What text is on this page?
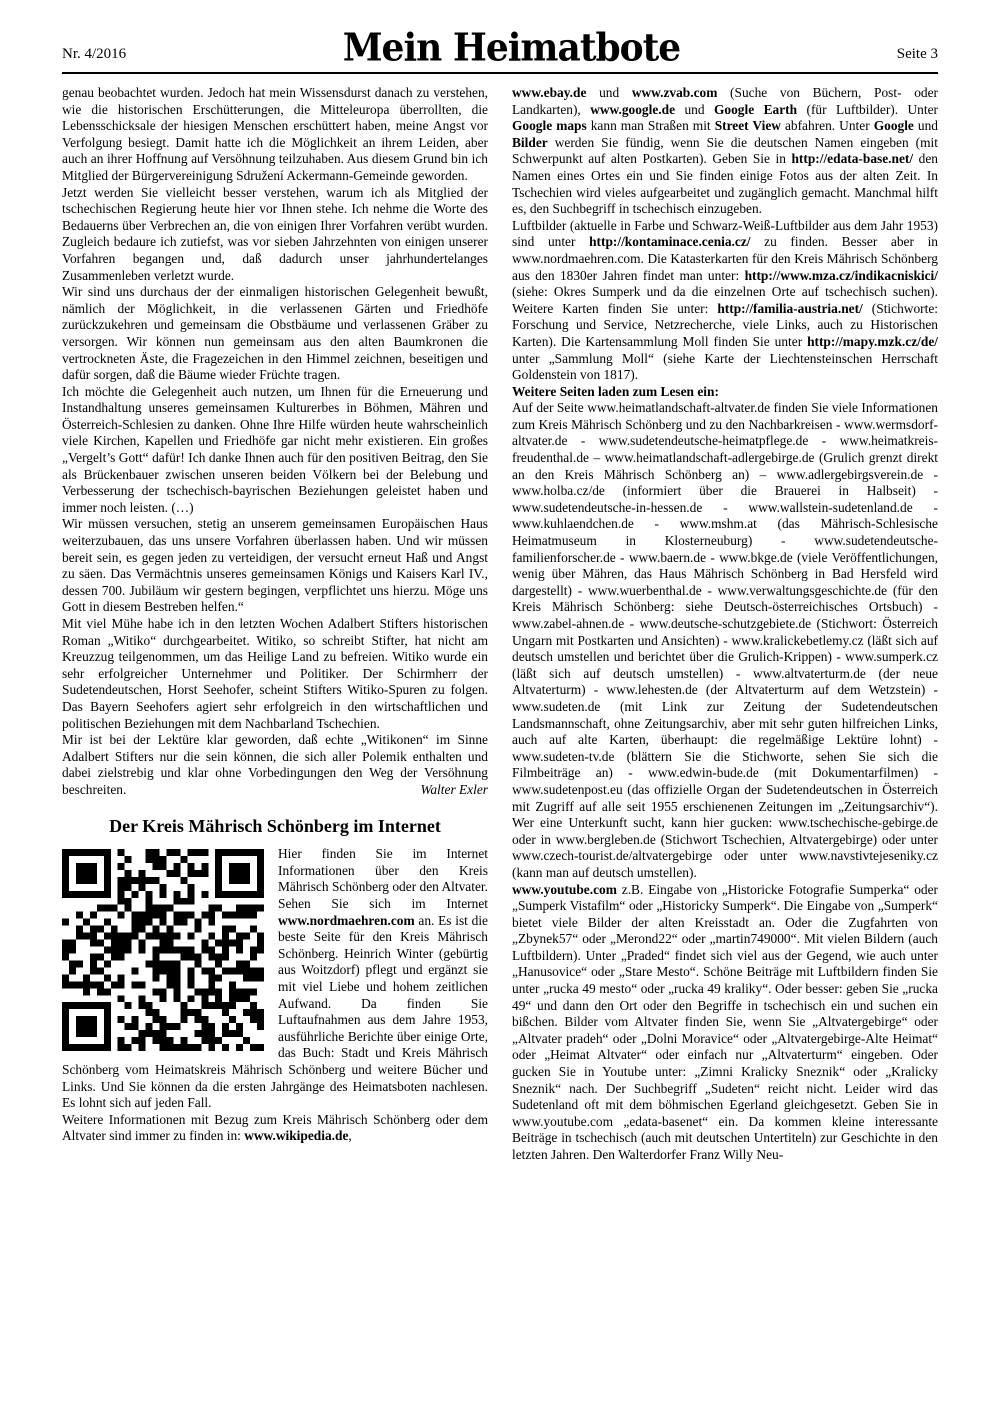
Nr. 4/2016	Mein Heimatbote	Seite 3

genau beobachtet wurden. Jedoch hat mein Wissensdurst danach zu verstehen, wie die historischen Erschütterungen, die Mitteleuropa überrollten, die Lebensschicksale der hiesigen Menschen erschüttert haben, meine Angst vor Verfolgung besiegt. Damit hatte ich die Möglichkeit an ihrem Leiden, aber auch an ihrer Hoffnung auf Versöhnung teilzuhaben. Aus diesem Grund bin ich Mitglied der Bürgervereinigung Sdružení Ackermann-Gemeinde geworden.

Jetzt werden Sie vielleicht besser verstehen, warum ich als Mitglied der tschechischen Regierung heute hier vor Ihnen stehe. Ich nehme die Worte des Bedauerns über Verbrechen an, die von einigen Ihrer Vorfahren verübt wurden. Zugleich bedaure ich zutiefst, was vor sieben Jahrzehnten von einigen unserer Vorfahren begangen und, daß dadurch unser jahrhundertelanges Zusammenleben verletzt wurde.

Wir sind uns durchaus der der einmaligen historischen Gelegenheit bewußt, nämlich der Möglichkeit, in die verlassenen Gärten und Friedhöfe zurückzukehren und gemeinsam die Obstbäume und verlassenen Gräber zu versorgen. Wir können nun gemeinsam aus den alten Baumkronen die vertrockneten Äste, die Fragezeichen in den Himmel zeichnen, beseitigen und dafür sorgen, daß die Bäume wieder Früchte tragen.

Ich möchte die Gelegenheit auch nutzen, um Ihnen für die Erneuerung und Instandhaltung unseres gemeinsamen Kulturerbes in Böhmen, Mähren und Österreich-Schlesien zu danken. Ohne Ihre Hilfe würden heute wahrscheinlich viele Kirchen, Kapellen und Friedhöfe gar nicht mehr existieren. Ein großes „Vergelt’s Gott“ dafür! Ich danke Ihnen auch für den positiven Beitrag, den Sie als Brückenbauer zwischen unseren beiden Völkern bei der Belebung und Verbesserung der tschechisch-bayrischen Beziehungen geleistet haben und immer noch leisten. (…)

Wir müssen versuchen, stetig an unserem gemeinsamen Europäischen Haus weiterzubauen, das uns unsere Vorfahren überlassen haben. Und wir müssen bereit sein, es gegen jeden zu verteidigen, der versucht erneut Haß und Angst zu säen. Das Vermächtnis unseres gemeinsamen Königs und Kaisers Karl IV., dessen 700. Jubiläum wir gestern begingen, verpflichtet uns hierzu. Möge uns Gott in diesem Bestreben helfen.“

Mit viel Mühe habe ich in den letzten Wochen Adalbert Stifters historischen Roman „Witiko“ durchgearbeitet. Witiko, so schreibt Stifter, hat nicht am Kreuzzug teilgenommen, um das Heilige Land zu befreien. Witiko wurde ein sehr erfolgreicher Unternehmer und Politiker. Der Schirmherr der Sudetendeutschen, Horst Seehofer, scheint Stifters Witiko-Spuren zu folgen. Das Bayern Seehofers agiert sehr erfolgreich in den wirtschaftlichen und politischen Beziehungen mit dem Nachbarland Tschechien.

Mir ist bei der Lektüre klar geworden, daß echte „Witikonen“ im Sinne Adalbert Stifters nur die sein können, die sich aller Polemik enthalten und dabei zielstrebig und klar ohne Vorbedingungen den Weg der Versöhnung beschreiten.	Walter Exler

Der Kreis Mährisch Schönberg im Internet

Hier finden Sie im Internet Informationen über den Kreis Mährisch Schönberg oder den Altvater. Sehen Sie sich im Internet www.nordmaehren.com an. Es ist die beste Seite für den Kreis Mährisch Schönberg. Heinrich Winter (gebürtig aus Woitzdorf) pflegt und ergänzt sie mit viel Liebe und hohem zeitlichen Aufwand. Da finden Sie Luftaufnahmen aus dem Jahre 1953, ausführliche Berichte über einige Orte, das Buch: Stadt und Kreis Mährisch Schönberg vom Heimatskreis Mährisch Schönberg und weitere Bücher und Links. Und Sie können da die ersten Jahrgänge des Heimatsboten nachlesen. Es lohnt sich auf jeden Fall.

Weitere Informationen mit Bezug zum Kreis Mährisch Schönberg oder dem Altvater sind immer zu finden in: www.wikipedia.de,

www.ebay.de und www.zvab.com (Suche von Büchern, Post- oder Landkarten), www.google.de und Google Earth (für Luftbilder). Unter Google maps kann man Straßen mit Street View abfahren. Unter Google und Bilder werden Sie fündig, wenn Sie die deutschen Namen eingeben (mit Schwerpunkt auf alten Postkarten). Geben Sie in http://edata-base.net/ den Namen eines Ortes ein und Sie finden einige Fotos aus der alten Zeit. In Tschechien wird vieles aufgearbeitet und zugänglich gemacht. Manchmal hilft es, den Suchbegriff in tschechisch einzugeben.

Luftbilder (aktuelle in Farbe und Schwarz-Weiß-Luftbilder aus dem Jahr 1953) sind unter http://kontaminace.cenia.cz/ zu finden. Besser aber in www.nordmaehren.com. Die Katasterkarten für den Kreis Mährisch Schönberg aus den 1830er Jahren findet man unter: http://www.mza.cz/indikacniskici/ (siehe: Okres Sumperk und da die einzelnen Orte auf tschechisch suchen). Weitere Karten finden Sie unter: http://familia-austria.net/ (Stichworte: Forschung und Service, Netzrecherche, viele Links, auch zu Historischen Karten). Die Kartensammlung Moll finden Sie unter http://mapy.mzk.cz/de/ unter „Sammlung Moll“ (siehe Karte der Liechtensteinschen Herrschaft Goldenstein von 1817).

Weitere Seiten laden zum Lesen ein:

Auf der Seite www.heimatlandschaft-altvater.de finden Sie viele Informationen zum Kreis Mährisch Schönberg und zu den Nachbarkreisen - www.wermsdorf-altvater.de - www.sudetendeutsche-heimatpflege.de - www.heimatkreis-freudenthal.de – www.heimatlandschaft-adlergebirge.de (Grulich grenzt direkt an den Kreis Mährisch Schönberg an) – www.adlergebirgsverein.de - www.holba.cz/de (informiert über die Brauerei in Halbseit) - www.sudetendeutsche-in-hessen.de - www.wallstein-sudetenland.de - www.kuhlaendchen.de - www.mshm.at (das Mährisch-Schlesische Heimatmuseum in Klosterneuburg) - www.sudetendeutsche-familienforscher.de - www.baern.de - www.bkge.de (viele Veröffentlichungen, wenig über Mähren, das Haus Mährisch Schönberg in Bad Hersfeld wird dargestellt) - www.wuerbenthal.de - www.verwaltungsgeschichte.de (für den Kreis Mährisch Schönberg: siehe Deutsch-österreichisches Ortsbuch) - www.zabel-ahnen.de - www.deutsche-schutzgebiete.de (Stichwort: Österreich Ungarn mit Postkarten und Ansichten) - www.kralickebetlemy.cz (läßt sich auf deutsch umstellen und berichtet über die Grulich-Krippen) - www.sumperk.cz (läßt sich auf deutsch umstellen) - www.altvaterturm.de (der neue Altvaterturm) - www.lehesten.de (der Altvaterturm auf dem Wetzstein) - www.sudeten.de (mit Link zur Zeitung der Sudetendeutschen Landsmannschaft, ohne Zeitungsarchiv, aber mit sehr guten hilfreichen Links, auch auf alte Karten, überhaupt: die regelmäßige Lektüre lohnt) - www.sudeten-tv.de (blättern Sie die Stichworte, sehen Sie sich die Filmbeiträge an) - www.edwin-bude.de (mit Dokumentarfilmen) - www.sudetenpost.eu (das offizielle Organ der Sudetendeutschen in Österreich mit Zugriff auf alle seit 1955 erschienenen Zeitungen im „Zeitungsarchiv“). Wer eine Unterkunft sucht, kann hier gucken: www.tschechische-gebirge.de oder in www.bergleben.de (Stichwort Tschechien, Altvatergebirge) oder unter www.czech-tourist.de/altvatergebirge oder unter www.navstivtejeseniky.cz (kann man auf deutsch umstellen).

www.youtube.com z.B. Eingabe von „Historicke Fotografie Sumperka“ oder „Sumperk Vistafilm“ oder „Historicky Sumperk“. Die Eingabe von „Sumperk“ bietet viele Bilder der alten Kreisstadt an. Oder die Zugfahrten von „Zbynek57“ oder „Merond22“ oder „martin749000“. Mit vielen Bildern (auch Luftbildern). Unter „Praded“ findet sich viel aus der Gegend, wie auch unter „Hanusovice“ oder „Stare Mesto“. Schöne Beiträge mit Luftbildern finden Sie unter „rucka 49 mesto“ oder „rucka 49 kraliky“. Oder besser: geben Sie „rucka 49“ und dann den Ort oder den Begriffe in tschechisch ein und suchen ein bißchen. Bilder vom Altvater finden Sie, wenn Sie „Altvatergebirge“ oder „Altvater pradeh“ oder „Dolni Moravice“ oder „Altvatergebirge-Alte Heimat“ oder „Heimat Altvater“ oder einfach nur „Altvaterturm“ eingeben. Oder gucken Sie in Youtube unter: „Zimni Kralicky Sneznik“ oder „Kralicky Sneznik“ nach. Der Suchbegriff „Sudeten“ reicht nicht. Leider wird das Sudetenland oft mit dem böhmischen Egerland gleichgesetzt. Geben Sie in www.youtube.com „edata-basenet“ ein. Da kommen kleine interessante Beiträge in tschechisch (auch mit deutschen Untertiteln) zur Geschichte in den letzten Jahren. Den Walterdorfer Franz Willy Neu-
